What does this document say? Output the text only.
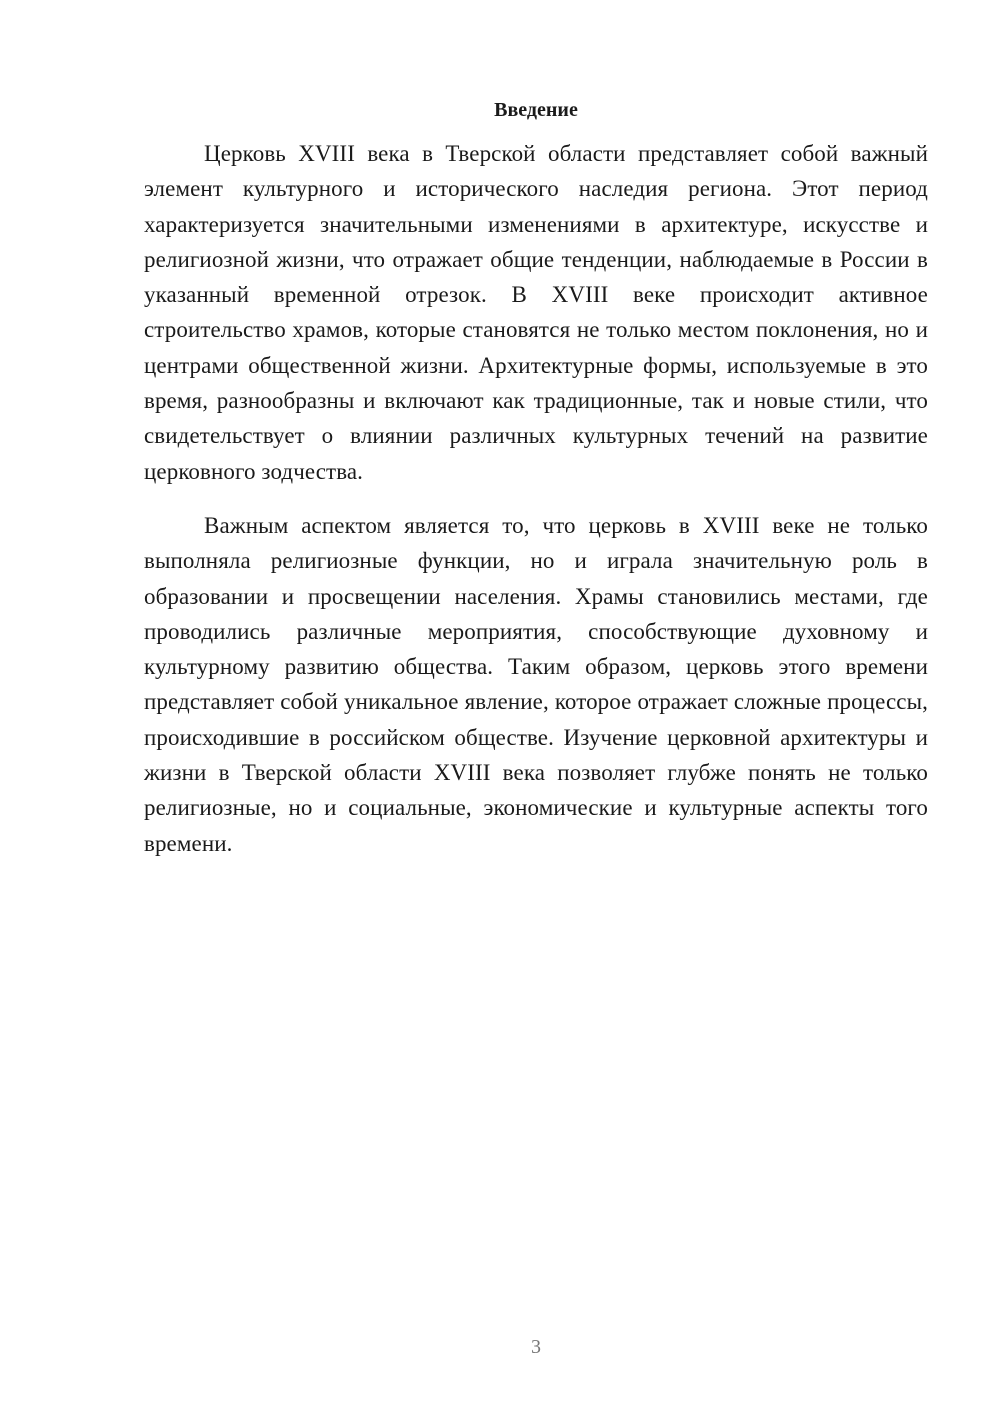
Введение

Церковь XVIII века в Тверской области представляет собой важный элемент культурного и исторического наследия региона. Этот период характеризуется значительными изменениями в архитектуре, искусстве и религиозной жизни, что отражает общие тенденции, наблюдаемые в России в указанный временной отрезок. В XVIII веке происходит активное строительство храмов, которые становятся не только местом поклонения, но и центрами общественной жизни. Архитектурные формы, используемые в это время, разнообразны и включают как традиционные, так и новые стили, что свидетельствует о влиянии различных культурных течений на развитие церковного зодчества.

Важным аспектом является то, что церковь в XVIII веке не только выполняла религиозные функции, но и играла значительную роль в образовании и просвещении населения. Храмы становились местами, где проводились различные мероприятия, способствующие духовному и культурному развитию общества. Таким образом, церковь этого времени представляет собой уникальное явление, которое отражает сложные процессы, происходившие в российском обществе. Изучение церковной архитектуры и жизни в Тверской области XVIII века позволяет глубже понять не только религиозные, но и социальные, экономические и культурные аспекты того времени.

3
